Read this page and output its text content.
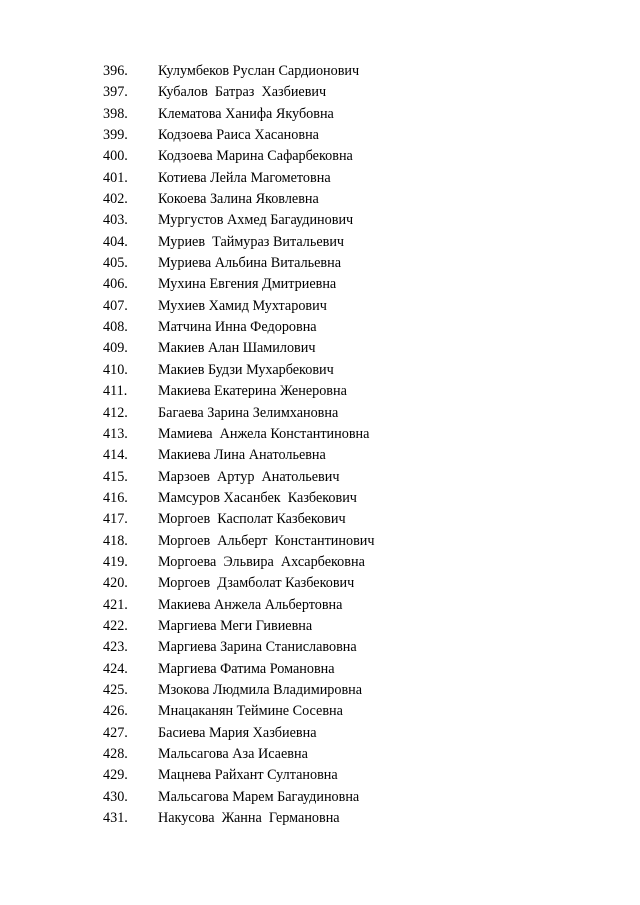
396.	Кулумбеков Руслан Сардионович
397.	Кубалов  Батраз  Хазбиевич
398.	Клематова Ханифа Якубовна
399.	Кодзоева Раиса Хасановна
400.	Кодзоева Марина Сафарбековна
401.	Котиева Лейла Магометовна
402.	Кокоева Залина Яковлевна
403.	Мургустов Ахмед Багаудинович
404.	Муриев  Таймураз Витальевич
405.	Муриева Альбина Витальевна
406.	Мухина Евгения Дмитриевна
407.	Мухиев Хамид Мухтарович
408.	Матчина Инна Федоровна
409.	Макиев Алан Шамилович
410.	Макиев Будзи Мухарбекович
411.	Макиева Екатерина Женеровна
412.	Багаева Зарина Зелимхановна
413.	Мамиева  Анжела Константиновна
414.	Макиева Лина Анатольевна
415.	Марзоев  Артур  Анатольевич
416.	Мамсуров Хасанбек  Казбекович
417.	Моргоев  Касполат Казбекович
418.	Моргоев  Альберт  Константинович
419.	Моргоева  Эльвира  Ахсарбековна
420.	Моргоев  Дзамболат Казбекович
421.	Макиева Анжела Альбертовна
422.	Маргиева Меги Гивиевна
423.	Маргиева Зарина Станиславовна
424.	Маргиева Фатима Романовна
425.	Мзокова Людмила Владимировна
426.	Мнацаканян Теймине Сосевна
427.	Басиева Мария Хазбиевна
428.	Мальсагова Аза Исаевна
429.	Мацнева Райхант Султановна
430.	Мальсагова Марем Багаудиновна
431.	Накусова  Жанна  Германовна
